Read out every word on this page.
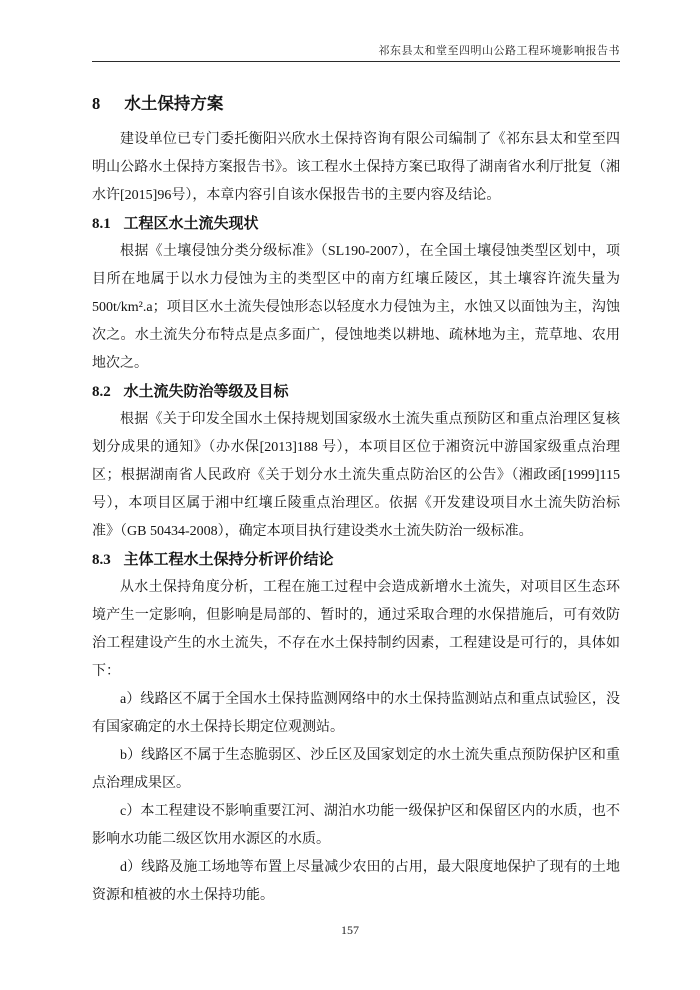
祁东县太和堂至四明山公路工程环境影响报告书
8 水土保持方案

建设单位已专门委托衡阳兴欣水土保持咨询有限公司编制了《祁东县太和堂至四明山公路水土保持方案报告书》。该工程水土保持方案已取得了湖南省水利厅批复（湘水许[2015]96号），本章内容引自该水保报告书的主要内容及结论。

8.1 工程区水土流失现状

根据《土壤侵蚀分类分级标准》（SL190-2007），在全国土壤侵蚀类型区划中，项目所在地属于以水力侵蚀为主的类型区中的南方红壤丘陵区，其土壤容许流失量为500t/km².a；项目区水土流失侵蚀形态以轻度水力侵蚀为主，水蚀又以面蚀为主，沟蚀次之。水土流失分布特点是点多面广，侵蚀地类以耕地、疏林地为主，荒草地、农用地次之。

8.2 水土流失防治等级及目标

根据《关于印发全国水土保持规划国家级水土流失重点预防区和重点治理区复核划分成果的通知》（办水保[2013]188 号），本项目区位于湘资沅中游国家级重点治理区；根据湖南省人民政府《关于划分水土流失重点防治区的公告》（湘政函[1999]115号），本项目区属于湘中红壤丘陵重点治理区。依据《开发建设项目水土流失防治标准》（GB 50434-2008），确定本项目执行建设类水土流失防治一级标准。

8.3 主体工程水土保持分析评价结论

从水土保持角度分析，工程在施工过程中会造成新增水土流失，对项目区生态环境产生一定影响，但影响是局部的、暂时的，通过采取合理的水保措施后，可有效防治工程建设产生的水土流失，不存在水土保持制约因素，工程建设是可行的，具体如下：

a）线路区不属于全国水土保持监测网络中的水土保持监测站点和重点试验区，没有国家确定的水土保持长期定位观测站。

b）线路区不属于生态脆弱区、沙丘区及国家划定的水土流失重点预防保护区和重点治理成果区。

c）本工程建设不影响重要江河、湖泊水功能一级保护区和保留区内的水质，也不影响水功能二级区饮用水源区的水质。

d）线路及施工场地等布置上尽量减少农田的占用，最大限度地保护了现有的土地资源和植被的水土保持功能。

157
